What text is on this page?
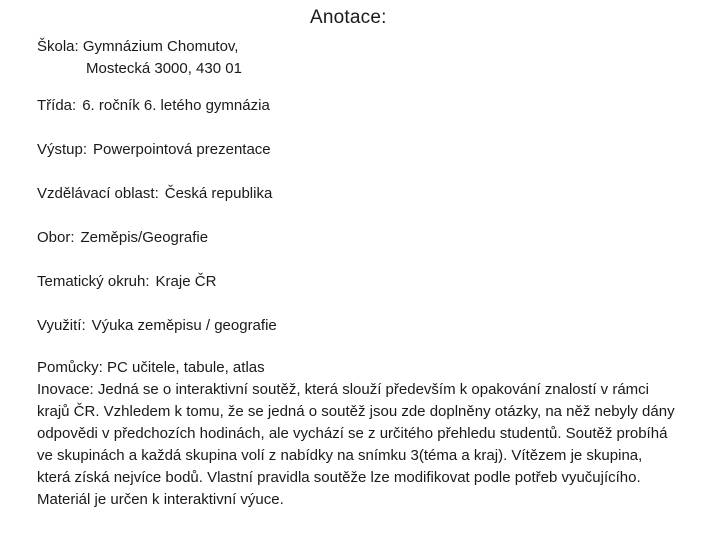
Anotace:
Škola: Gymnázium Chomutov,
Mostecká 3000, 430 01
Třída: 6. ročník 6. letého gymnázia
Výstup: Powerpointová prezentace
Vzdělávací oblast: Česká republika
Obor: Zeměpis/Geografie
Tematický okruh: Kraje ČR
Využití: Výuka zeměpisu / geografie

Pomůcky: PC učitele, tabule, atlas

Inovace: Jedná se o interaktivní soutěž, která slouží především k opakování znalostí v rámci krajů ČR. Vzhledem k tomu, že se jedná o soutěž jsou zde doplněny otázky, na něž nebyly dány odpovědi v předchozích hodinách, ale vychází se z určitého přehledu studentů. Soutěž probíhá ve skupinách a každá skupina volí z nabídky na snímku 3(téma a kraj). Vítězem je skupina, která získá nejvíce bodů. Vlastní pravidla soutěže lze modifikovat podle potřeb vyučujícího.

Materiál je určen k interaktivní výuce.
